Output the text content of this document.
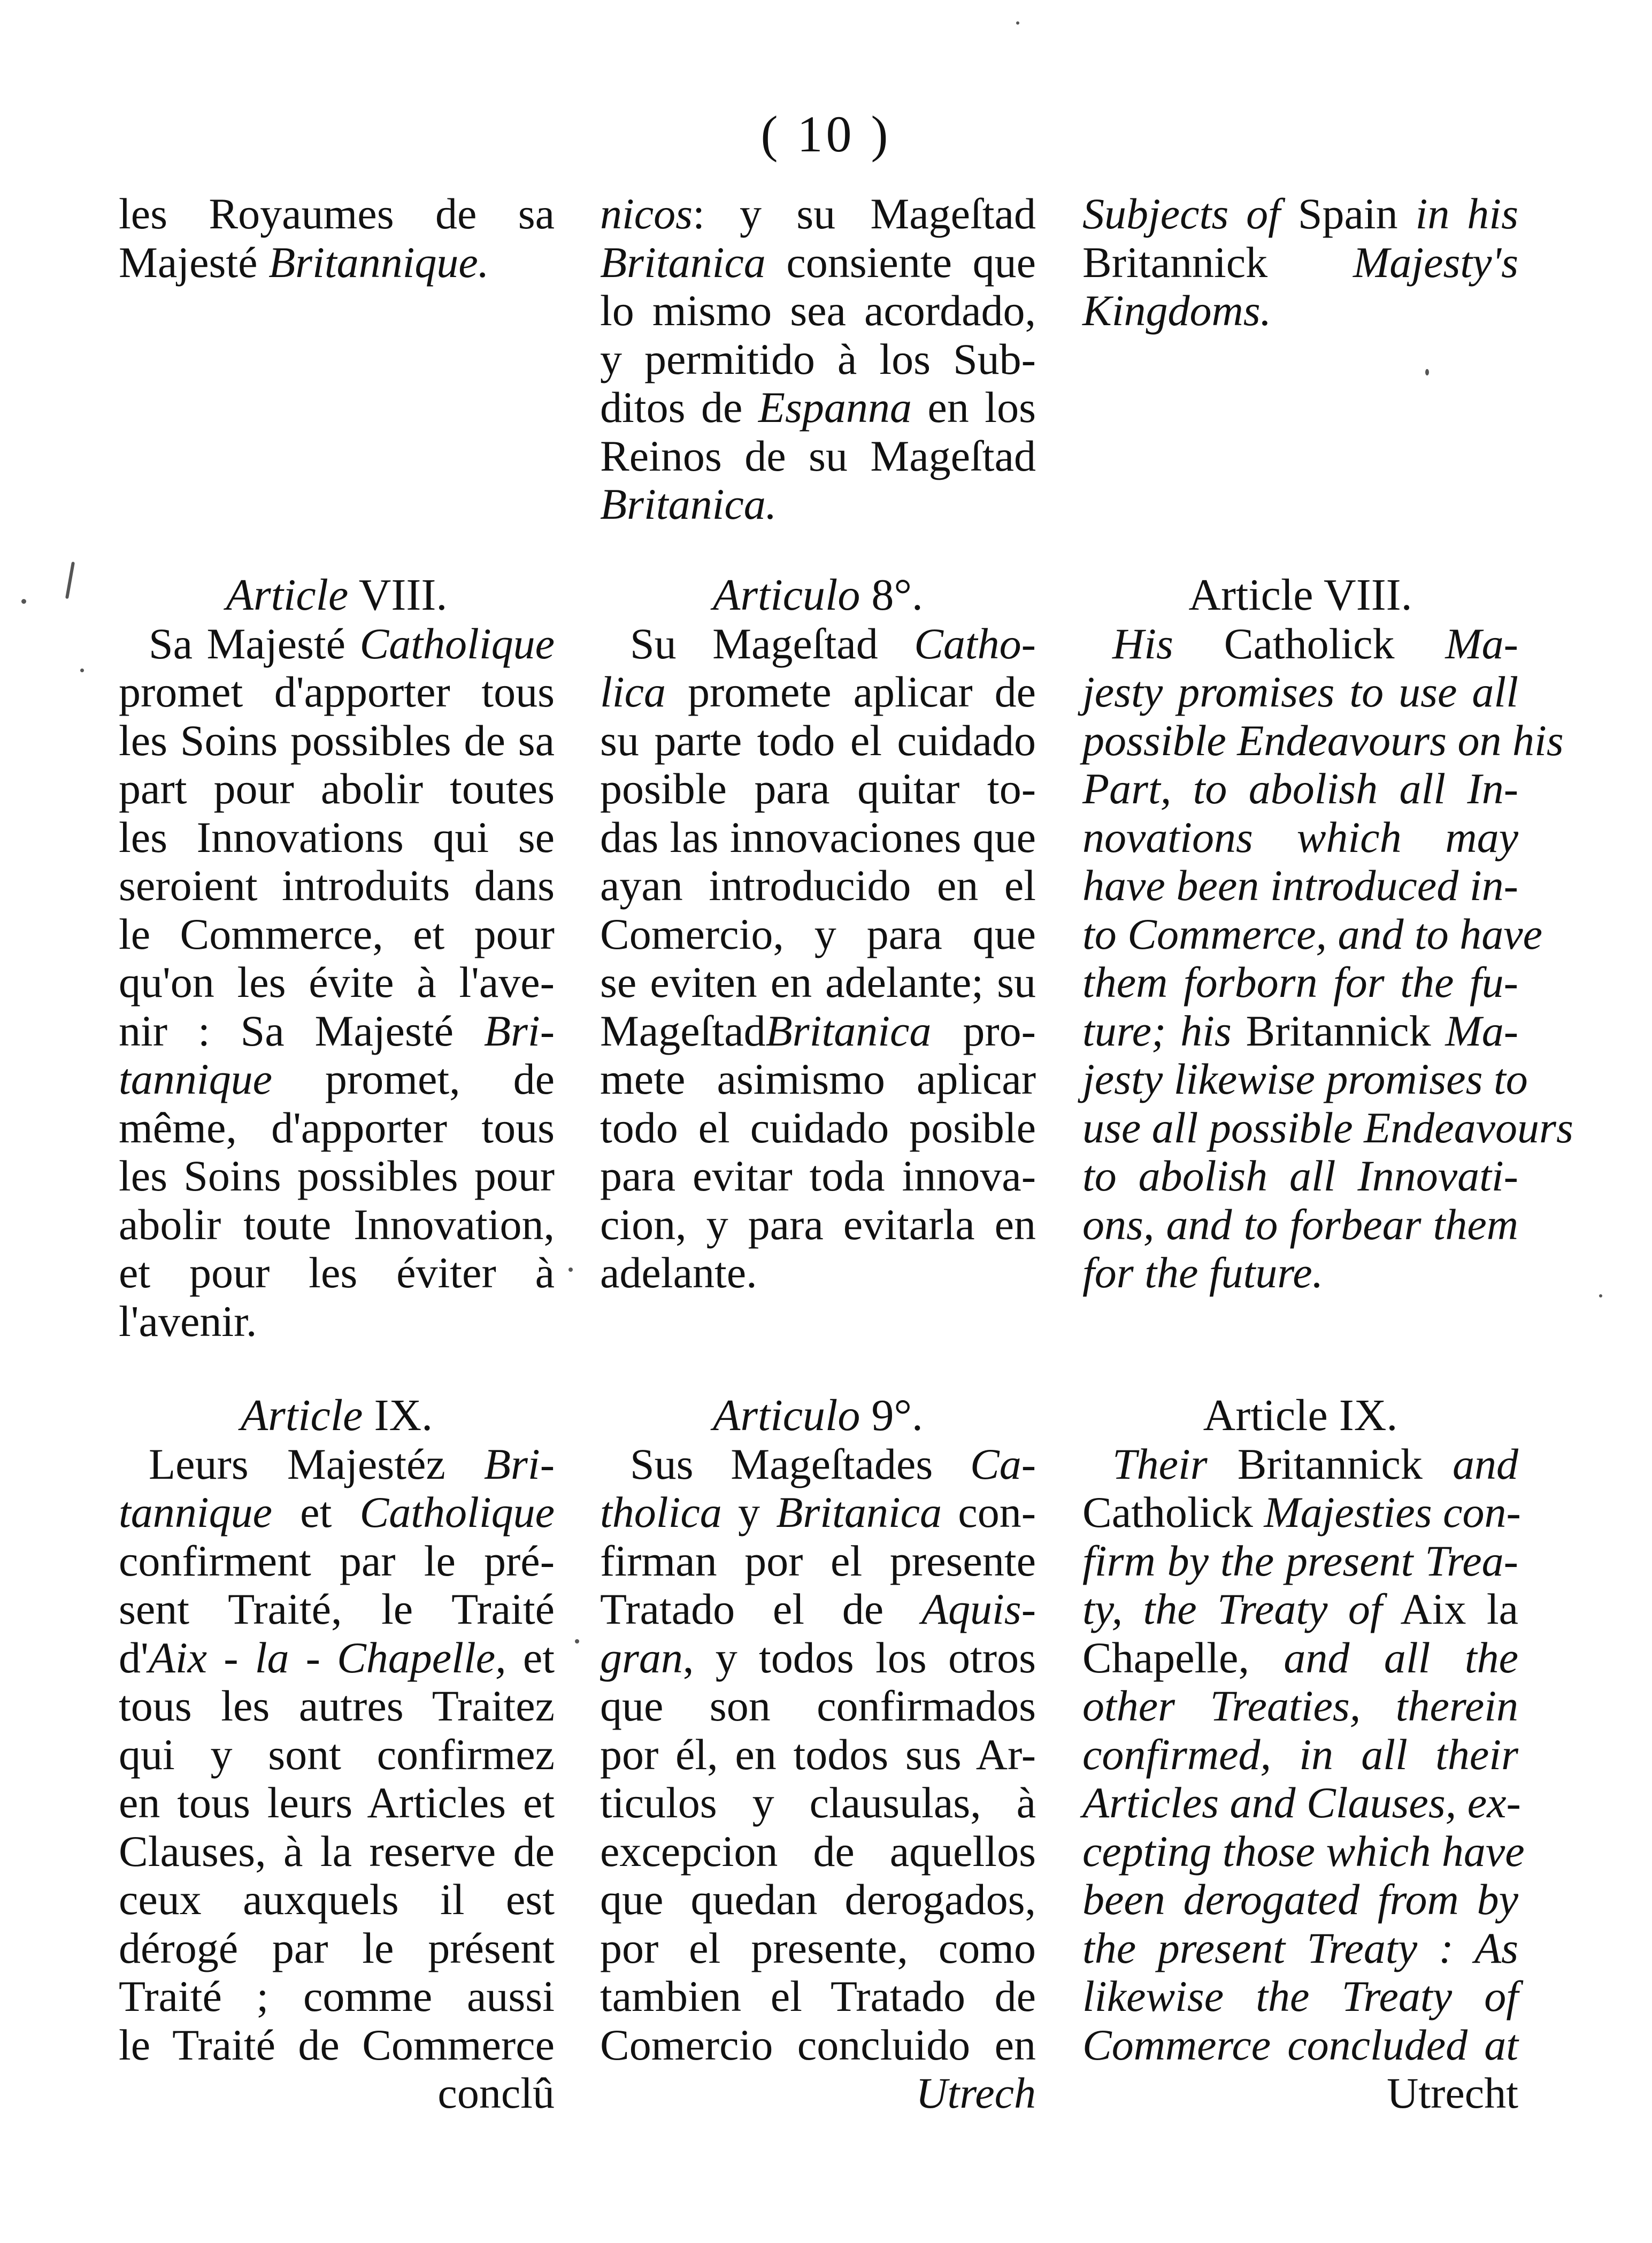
( 10 )
les Royaumes de sa
Majesté Britannique.
Article VIII.
Sa Majesté Catholique
promet d'apporter tous
les Soins possibles de sa
part pour abolir toutes
les Innovations qui se
seroient introduits dans
le Commerce, et pour
qu'on les évite à l'ave-
nir : Sa Majesté Bri-
tannique promet, de
même, d'apporter tous
les Soins possibles pour
abolir toute Innovation,
et pour les éviter à
l'avenir.
Article IX.
Leurs Majestéz Bri-
tannique et Catholique
confirment par le pré-
sent Traité, le Traité
d'Aix - la - Chapelle, et
tous les autres Traitez
qui y sont confirmez
en tous leurs Articles et
Clauses, à la reserve de
ceux auxquels il est
dérogé par le présent
Traité ; comme aussi
le Traité de Commerce
conclû
nicos: y su Mageſtad
Britanica consiente que
lo mismo sea acordado,
y permitido à los Sub-
ditos de Espanna en los
Reinos de su Mageſtad
Britanica.
Articulo 8°.
Su Mageſtad Catho-
lica promete aplicar de
su parte todo el cuidado
posible para quitar to-
das las innovaciones que
ayan introducido en el
Comercio, y para que
se eviten en adelante; su
MageſtadBritanica pro-
mete asimismo aplicar
todo el cuidado posible
para evitar toda innova-
cion, y para evitarla en
adelante.
Articulo 9°.
Sus Mageſtades Ca-
tholica y Britanica con-
firman por el presente
Tratado el de Aquis-
gran, y todos los otros
que son confirmados
por él, en todos sus Ar-
ticulos y clausulas, à
excepcion de aquellos
que quedan derogados,
por el presente, como
tambien el Tratado de
Comercio concluido en
Utrech
Subjects of Spain in his
Britannick Majesty's
Kingdoms.
Article VIII.
His Catholick Ma-
jesty promises to use all
possible Endeavours on his
Part, to abolish all In-
novations which may
have been introduced in-
to Commerce, and to have
them forborn for the fu-
ture; his Britannick Ma-
jesty likewise promises to
use all possible Endeavours
to abolish all Innovati-
ons, and to forbear them
for the future.
Article IX.
Their Britannick and
Catholick Majesties con-
firm by the present Trea-
ty, the Treaty of Aix la
Chapelle, and all the
other Treaties, therein
confirmed, in all their
Articles and Clauses, ex-
cepting those which have
been derogated from by
the present Treaty : As
likewise the Treaty of
Commerce concluded at
Utrecht
